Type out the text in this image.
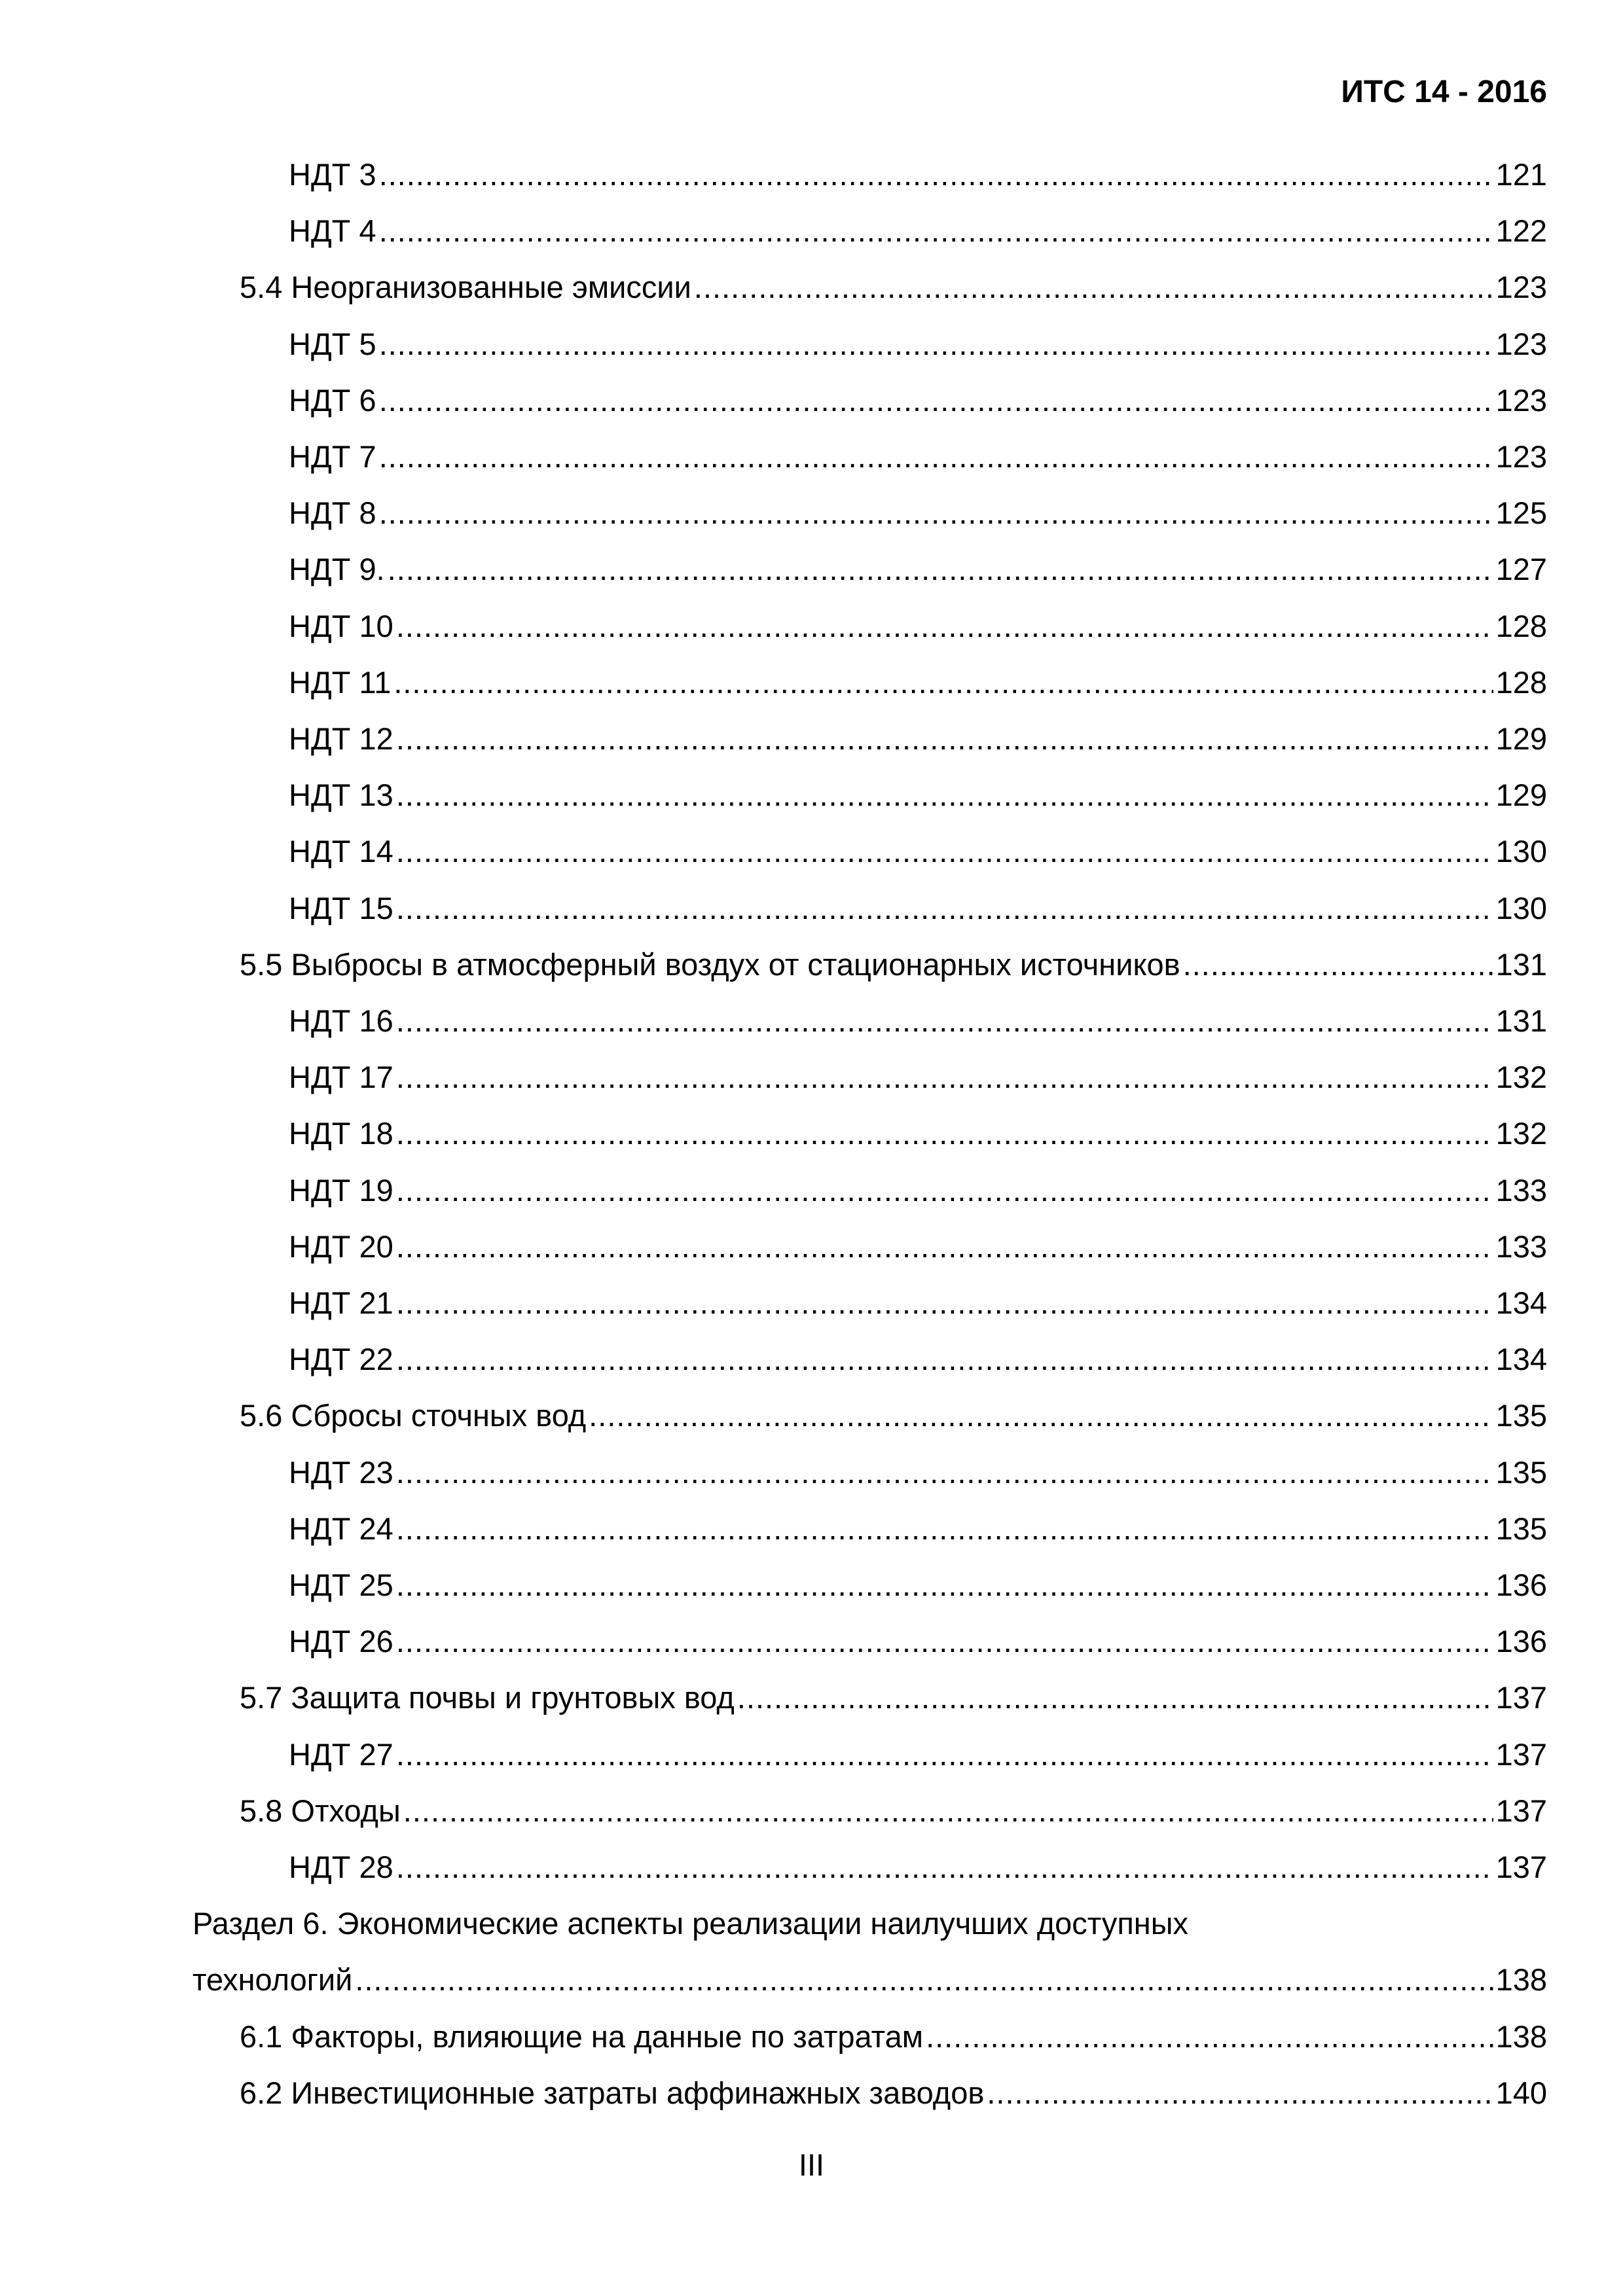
ИТС 14 - 2016
НДТ 3 .....	121
НДТ 4 .....	122
5.4 Неорганизованные эмиссии .....	123
НДТ 5 .....	123
НДТ 6 .....	123
НДТ 7 .....	123
НДТ 8 .....	125
НДТ 9. .....	127
НДТ 10 .....	128
НДТ 11 .....	128
НДТ 12 .....	129
НДТ 13 .....	129
НДТ 14 .....	130
НДТ 15 .....	130
5.5 Выбросы в атмосферный воздух от стационарных источников .....	131
НДТ 16 .....	131
НДТ 17 .....	132
НДТ 18 .....	132
НДТ 19 .....	133
НДТ 20 .....	133
НДТ 21 .....	134
НДТ 22 .....	134
5.6 Сбросы сточных вод .....	135
НДТ 23 .....	135
НДТ 24 .....	135
НДТ 25 .....	136
НДТ 26 .....	136
5.7 Защита почвы и грунтовых вод .....	137
НДТ 27 .....	137
5.8 Отходы .....	137
НДТ 28 .....	137
Раздел 6. Экономические аспекты реализации наилучших доступных
технологий .....	138
6.1 Факторы, влияющие на данные по затратам .....	138
6.2 Инвестиционные затраты аффинажных заводов .....	140
III
